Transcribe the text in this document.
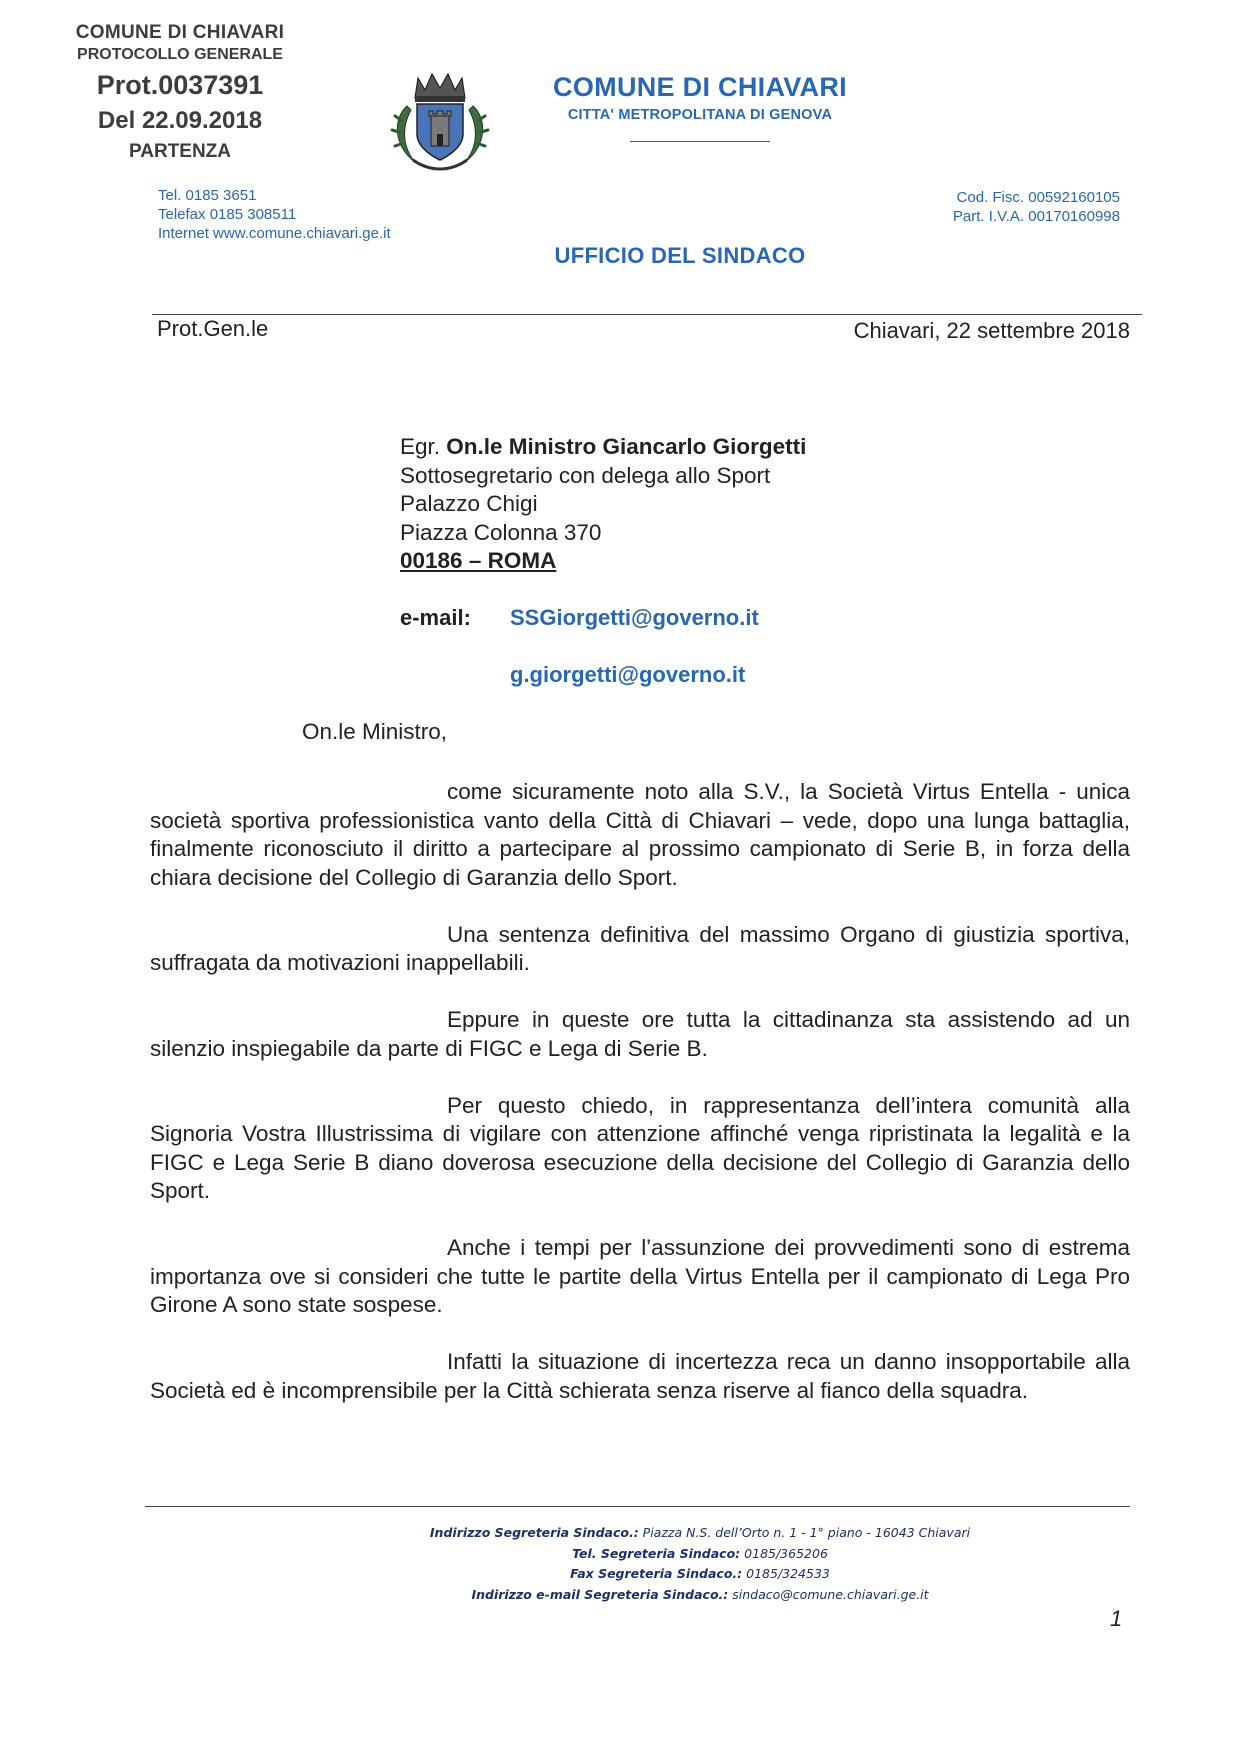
COMUNE DI CHIAVARI
PROTOCOLLO GENERALE
Prot.0037391
Del 22.09.2018
PARTENZA
COMUNE DI CHIAVARI
CITTA' METROPOLITANA DI GENOVA
Tel. 0185 3651
Telefax 0185 308511
Internet www.comune.chiavari.ge.it
Cod. Fisc. 00592160105
Part. I.V.A. 00170160998
UFFICIO DEL SINDACO
Prot.Gen.le	Chiavari, 22 settembre 2018
Egr. On.le Ministro Giancarlo Giorgetti
Sottosegretario con delega allo Sport
Palazzo Chigi
Piazza Colonna 370
00186 – ROMA
e-mail: SSGiorgetti@governo.it
g.giorgetti@governo.it
On.le Ministro,

come sicuramente noto alla S.V., la Società Virtus Entella - unica società sportiva professionistica vanto della Città di Chiavari – vede, dopo una lunga battaglia, finalmente riconosciuto il diritto a partecipare al prossimo campionato di Serie B, in forza della chiara decisione del Collegio di Garanzia dello Sport.

Una sentenza definitiva del massimo Organo di giustizia sportiva, suffragata da motivazioni inappellabili.

Eppure in queste ore tutta la cittadinanza sta assistendo ad un silenzio inspiegabile da parte di FIGC e Lega di Serie B.

Per questo chiedo, in rappresentanza dell’intera comunità alla Signoria Vostra Illustrissima di vigilare con attenzione affinché venga ripristinata la legalità e la FIGC e Lega Serie B diano doverosa esecuzione della decisione del Collegio di Garanzia dello Sport.

Anche i tempi per l’assunzione dei provvedimenti sono di estrema importanza ove si consideri che tutte le partite della Virtus Entella per il campionato di Lega Pro Girone A sono state sospese.

Infatti la situazione di incertezza reca un danno insopportabile alla Società ed è incomprensibile per la Città schierata senza riserve al fianco della squadra.

Indirizzo Segreteria Sindaco.: Piazza N.S. dell’Orto n. 1 - 1° piano - 16043 Chiavari
Tel. Segreteria Sindaco: 0185/365206
Fax Segreteria Sindaco.: 0185/324533
Indirizzo e-mail Segreteria Sindaco.: sindaco@comune.chiavari.ge.it
1
